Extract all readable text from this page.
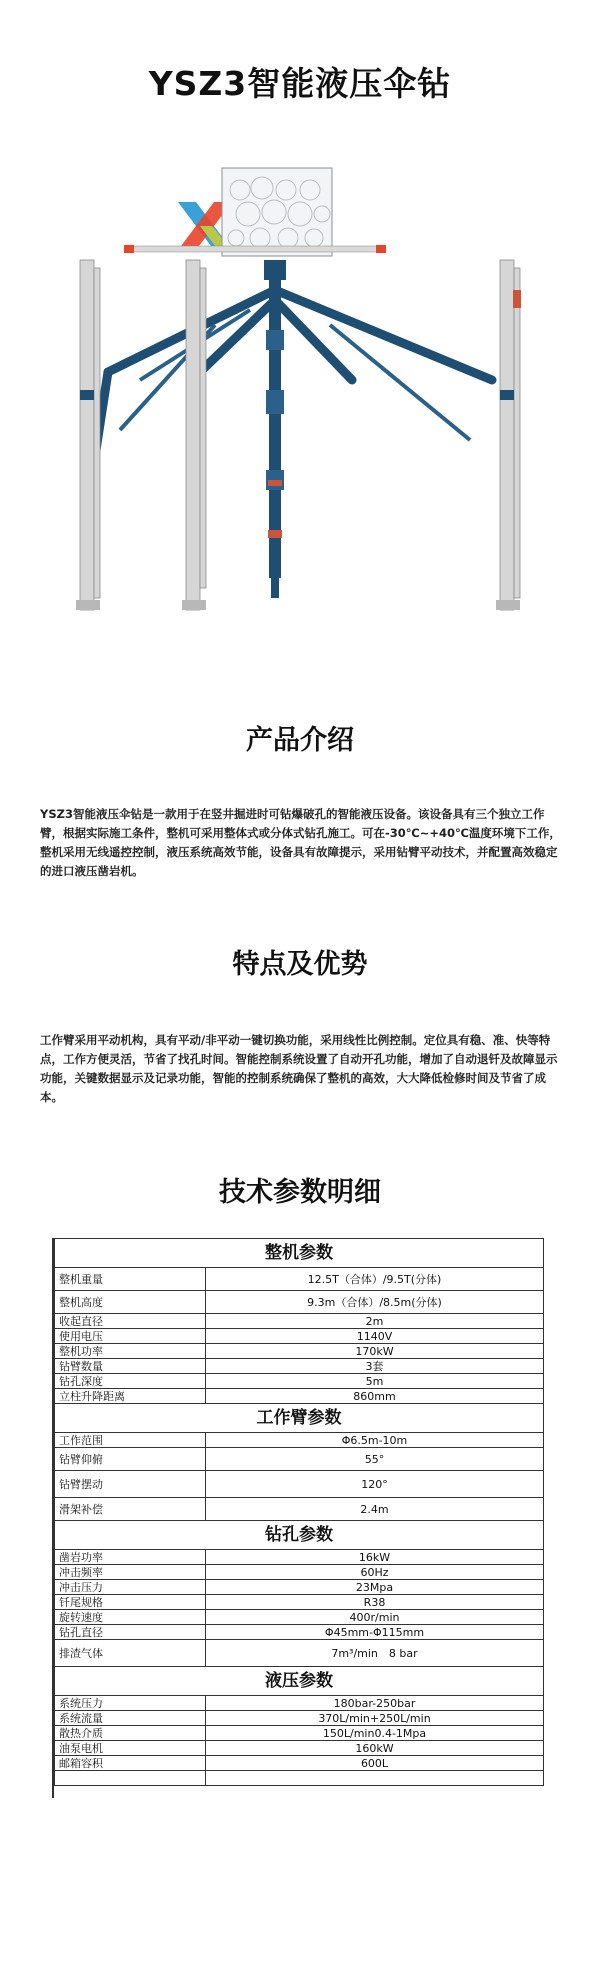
YSZ3智能液压伞钻
产品介绍
YSZ3智能液压伞钻是一款用于在竖井掘进时可钻爆破孔的智能液压设备。该设备具有三个独立工作臂，根据实际施工条件，整机可采用整体式或分体式钻孔施工。可在-30℃~+40℃温度环境下工作，整机采用无线遥控控制，液压系统高效节能，设备具有故障提示，采用钻臂平动技术，并配置高效稳定的进口液压凿岩机。
特点及优势
工作臂采用平动机构，具有平动/非平动一键切换功能，采用线性比例控制。定位具有稳、准、快等特点，工作方便灵活，节省了找孔时间。智能控制系统设置了自动开孔功能，增加了自动退钎及故障显示功能，关键数据显示及记录功能，智能的控制系统确保了整机的高效，大大降低检修时间及节省了成本。
技术参数明细
整机参数	
整机重量	12.5T（合体）/9.5T(分体)
整机高度	9.3m（合体）/8.5m(分体)
收起直径	2m
使用电压	1140V
整机功率	170kW
钻臂数量	3套
钻孔深度	5m
立柱升降距离	860mm
工作臂参数	
工作范围	Φ6.5m-10m
钻臂仰俯	55°
钻臂摆动	120°
滑架补偿	2.4m
钻孔参数	
凿岩功率	16kW
冲击频率	60Hz
冲击压力	23Mpa
钎尾规格	R38
旋转速度	400r/min
钻孔直径	Φ45mm-Φ115mm
排渣气体	7m³/min　8 bar
液压参数	
系统压力	180bar-250bar
系统流量	370L/min+250L/min
散热介质	150L/min0.4-1Mpa
油泵电机	160kW
邮箱容积	600L
